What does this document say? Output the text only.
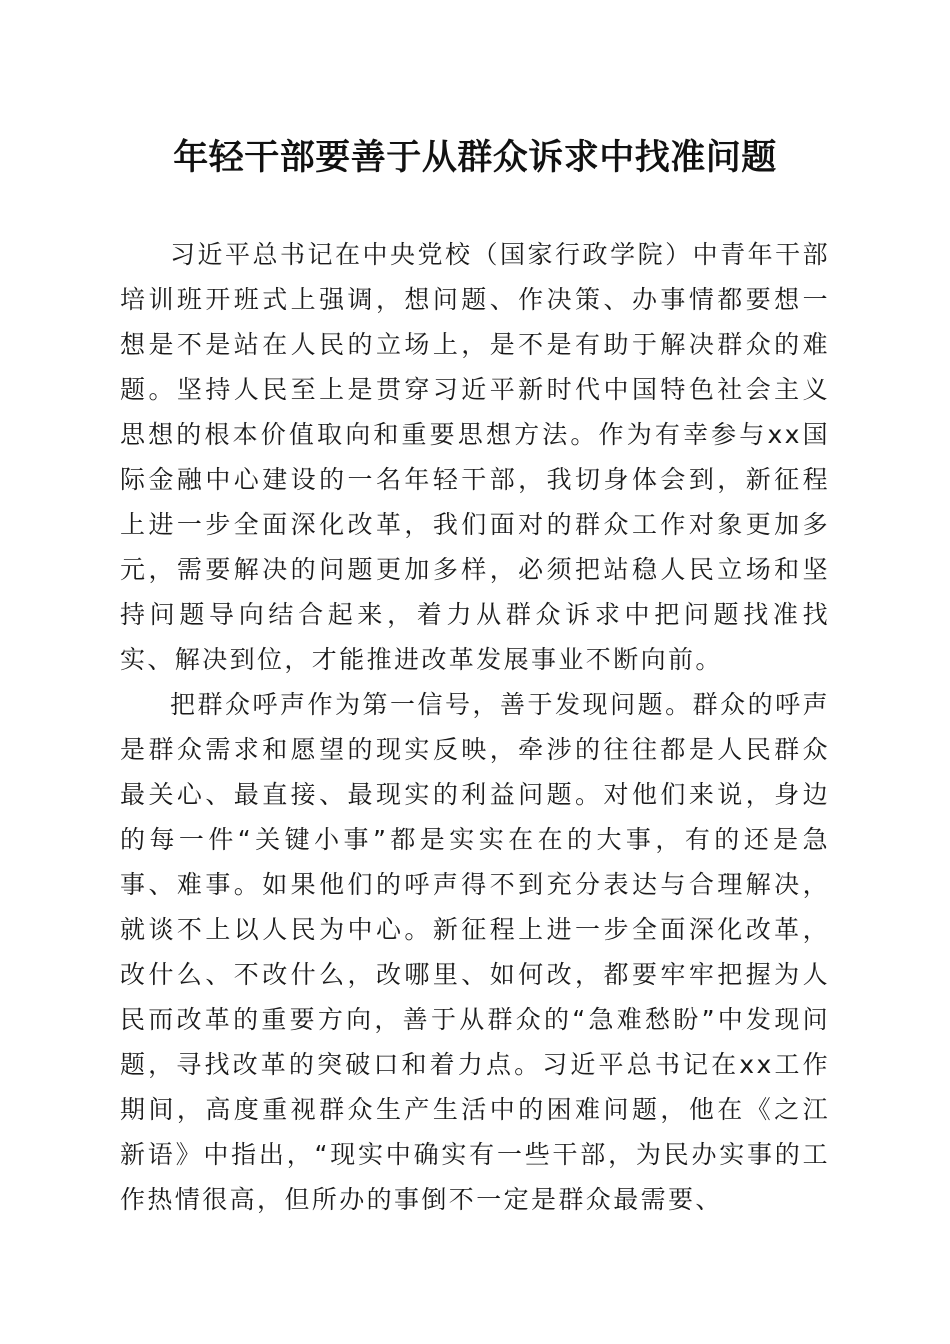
年轻干部要善于从群众诉求中找准问题

习近平总书记在中央党校（国家行政学院）中青年干部培训班开班式上强调，想问题、作决策、办事情都要想一想是不是站在人民的立场上，是不是有助于解决群众的难题。坚持人民至上是贯穿习近平新时代中国特色社会主义思想的根本价值取向和重要思想方法。作为有幸参与xx国际金融中心建设的一名年轻干部，我切身体会到，新征程上进一步全面深化改革，我们面对的群众工作对象更加多元，需要解决的问题更加多样，必须把站稳人民立场和坚持问题导向结合起来，着力从群众诉求中把问题找准找实、解决到位，才能推进改革发展事业不断向前。

把群众呼声作为第一信号，善于发现问题。群众的呼声是群众需求和愿望的现实反映，牵涉的往往都是人民群众最关心、最直接、最现实的利益问题。对他们来说，身边的每一件“关键小事”都是实实在在的大事，有的还是急事、难事。如果他们的呼声得不到充分表达与合理解决，就谈不上以人民为中心。新征程上进一步全面深化改革，改什么、不改什么，改哪里、如何改，都要牢牢把握为人民而改革的重要方向，善于从群众的“急难愁盼”中发现问题，寻找改革的突破口和着力点。习近平总书记在xx工作期间，高度重视群众生产生活中的困难问题，他在《之江新语》中指出，“现实中确实有一些干部，为民办实事的工作热情很高，但所办的事倒不一定是群众最需要、
